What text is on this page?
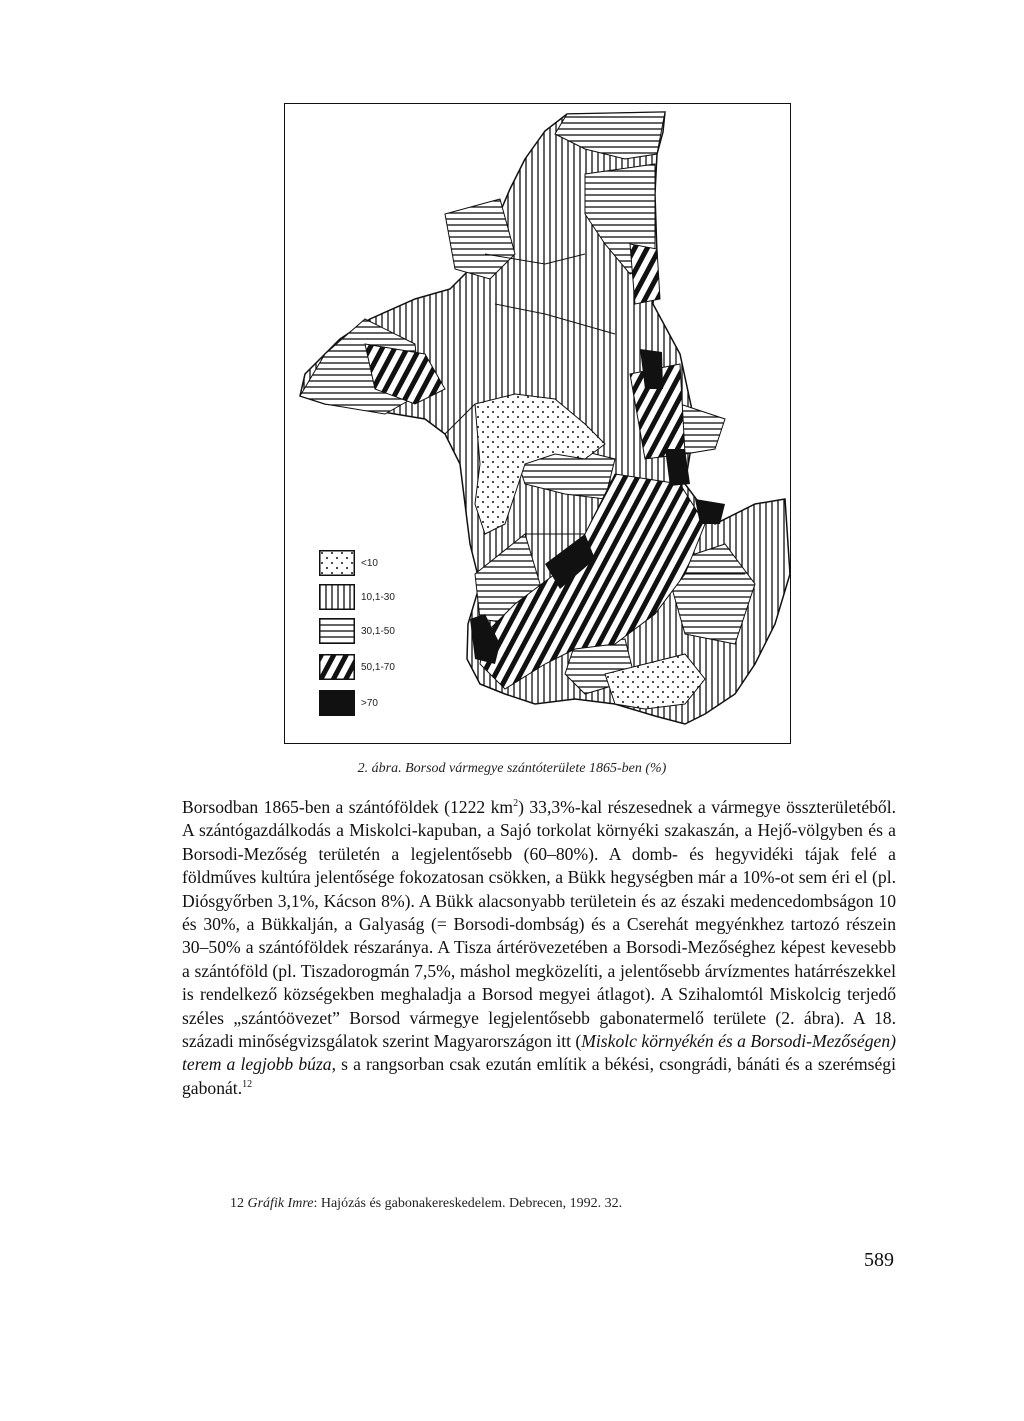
<10
10,1-30
30,1-50
50,1-70
>70
2. ábra. Borsod vármegye szántóterülete 1865-ben (%)
Borsodban 1865-ben a szántóföldek (1222 $km^2$) 33,3%-kal részesednek a vármegye összterületéből. A szántógazdálkodás a Miskolci-kapuban, a Sajó torkolat környéki szakaszán, a Hejő-völgyben és a Borsodi-Mezőség területén a legjelentősebb (60–80%). A domb- és hegyvidéki tájak felé a földműves kultúra jelentősége fokozatosan csökken, a Bükk hegységben már a 10%-ot sem éri el (pl. Diósgyőrben 3,1%, Kácson 8%). A Bükk alacsonyabb területein és az északi medencedombságon 10 és 30%, a Bükkalján, a Galyaság (= Borsodi-dombság) és a Cserehát megyénkhez tartozó részein 30–50% a szántóföldek részaránya. A Tisza ártérövezetében a Borsodi-Mezőséghez képest kevesebb a szántóföld (pl. Tiszadorogmán 7,5%, máshol megközelíti, a jelentősebb árvízmentes határrészekkel is rendelkező községekben meghaladja a Borsod megyei átlagot). A Szihalomtól Miskolcig terjedő széles „szántóövezet” Borsod vármegye legjelentősebb gabonatermelő területe (2. ábra). A 18. századi minőségvizsgálatok szerint Magyarországon itt (Miskolc környékén és a Borsodi-Mezőségen) terem a legjobb búza, s a rangsorban csak ezután említik a békési, csongrádi, bánáti és a szerémségi gabonát.$^{12}$
12 Gráfik Imre: Hajózás és gabonakereskedelem. Debrecen, 1992. 32.
589
